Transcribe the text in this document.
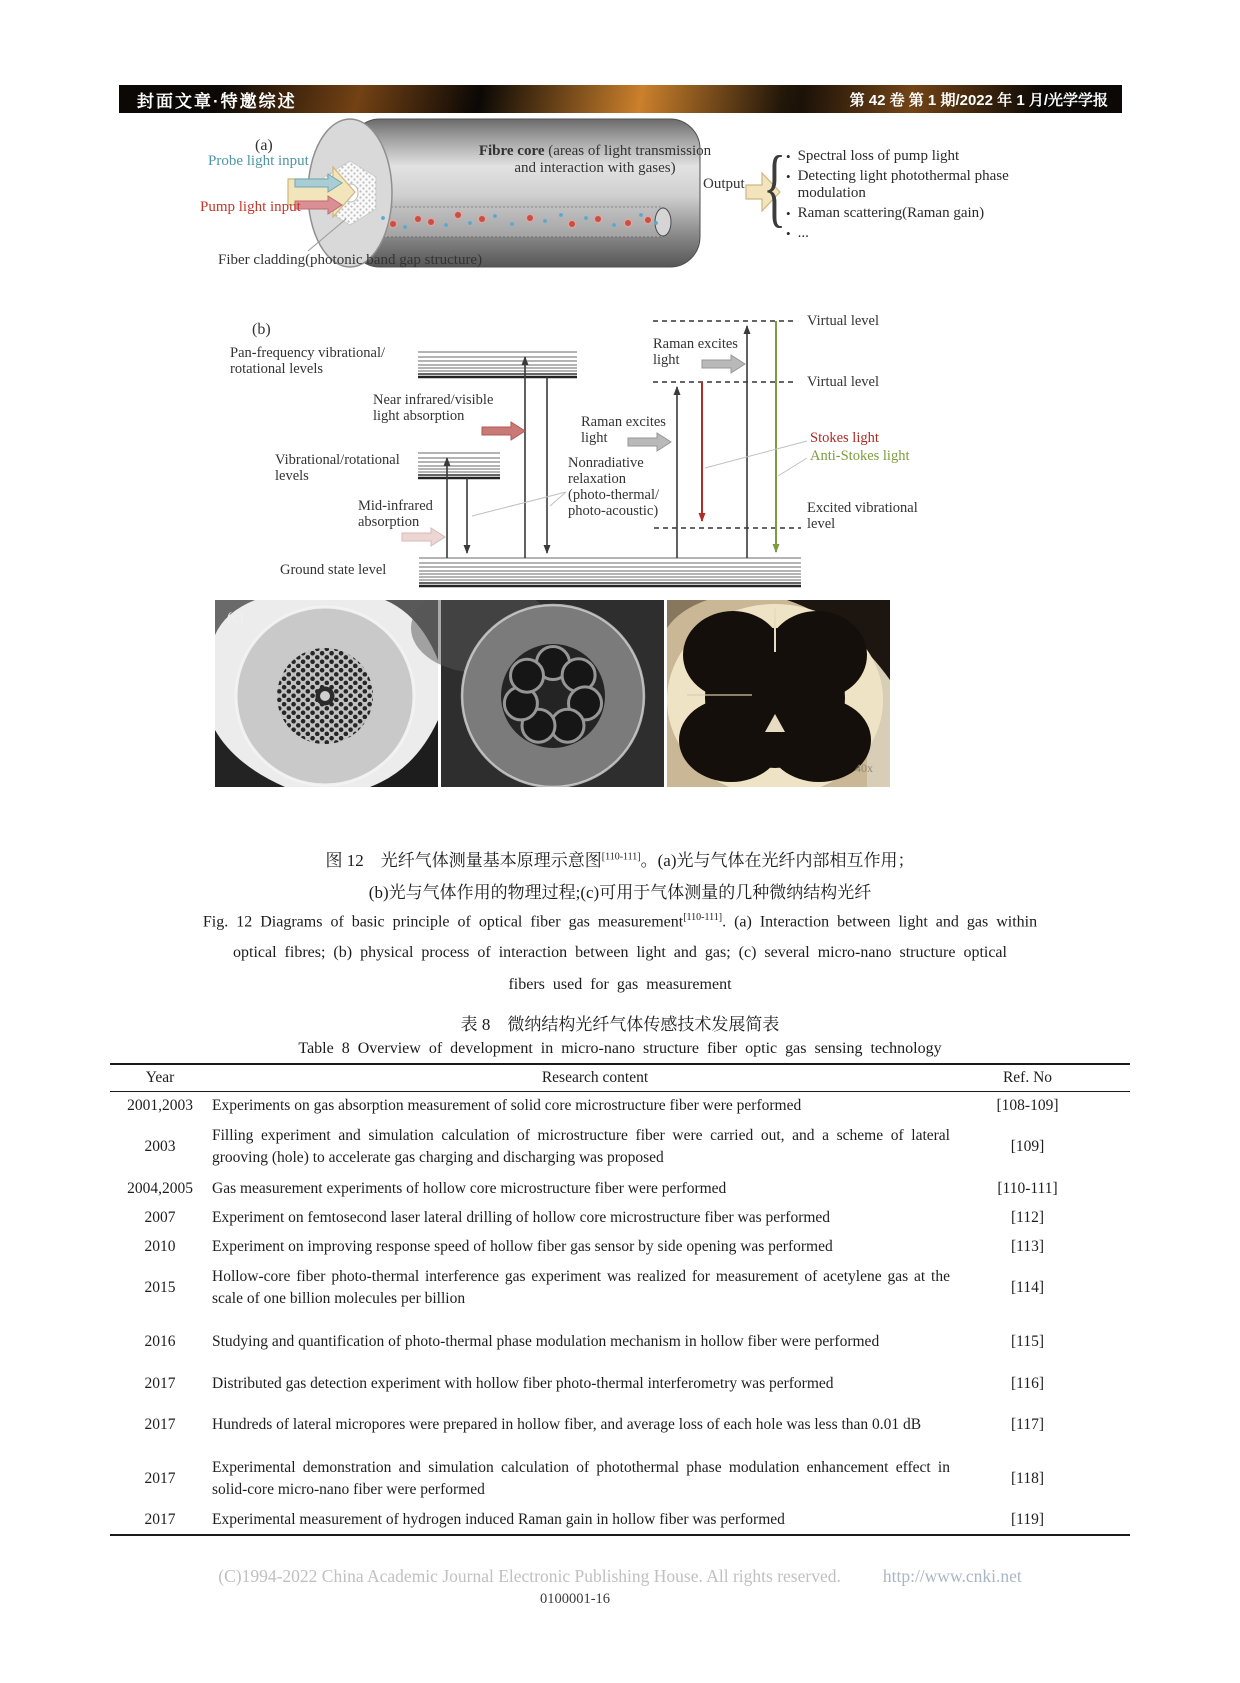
封面文章·特邀综述	第 42 卷 第 1 期/2022 年 1 月/光学学报
(a)
Probe light input
Pump light input
Fibre core (areas of light transmission
and interaction with gases)
Output { • Spectral loss of pump light
• Detecting light photothermal phase modulation
• Raman scattering(Raman gain)
• ...
Fiber cladding(photonic band gap structure)
(b)
Pan-frequency vibrational/
rotational levels
Near infrared/visible
light absorption
Vibrational/rotational
levels
Mid-infrared
absorption
Ground state level
Raman excites
light
Raman excites
light
Nonradiative
relaxation
(photo-thermal/
photo-acoustic)
Virtual level
Virtual level
Stokes light
Anti-Stokes light
Excited vibrational
level
(c)
40x
图 12　光纤气体测量基本原理示意图[110-111]。(a)光与气体在光纤内部相互作用；
(b)光与气体作用的物理过程;(c)可用于气体测量的几种微纳结构光纤
Fig. 12 Diagrams of basic principle of optical fiber gas measurement[110-111]. (a) Interaction between light and gas within
optical fibres; (b) physical process of interaction between light and gas; (c) several micro-nano structure optical
fibers used for gas measurement
表 8　微纳结构光纤气体传感技术发展简表
Table 8 Overview of development in micro-nano structure fiber optic gas sensing technology
Year	Research content	Ref. No
2001,2003	Experiments on gas absorption measurement of solid core microstructure fiber were performed	[108-109]
2003	Filling experiment and simulation calculation of microstructure fiber were carried out, and a scheme of lateral grooving (hole) to accelerate gas charging and discharging was proposed	[109]
2004,2005	Gas measurement experiments of hollow core microstructure fiber were performed	[110-111]
2007	Experiment on femtosecond laser lateral drilling of hollow core microstructure fiber was performed	[112]
2010	Experiment on improving response speed of hollow fiber gas sensor by side opening was performed	[113]
2015	Hollow-core fiber photo-thermal interference gas experiment was realized for measurement of acetylene gas at the scale of one billion molecules per billion	[114]
2016	Studying and quantification of photo-thermal phase modulation mechanism in hollow fiber were performed	[115]
2017	Distributed gas detection experiment with hollow fiber photo-thermal interferometry was performed	[116]
2017	Hundreds of lateral micropores were prepared in hollow fiber, and average loss of each hole was less than 0.01 dB	[117]
2017	Experimental demonstration and simulation calculation of photothermal phase modulation enhancement effect in solid-core micro-nano fiber were performed	[118]
2017	Experimental measurement of hydrogen induced Raman gain in hollow fiber was performed	[119]
(C)1994-2022 China Academic Journal Electronic Publishing House. All rights reserved. http://www.cnki.net
0100001-16
